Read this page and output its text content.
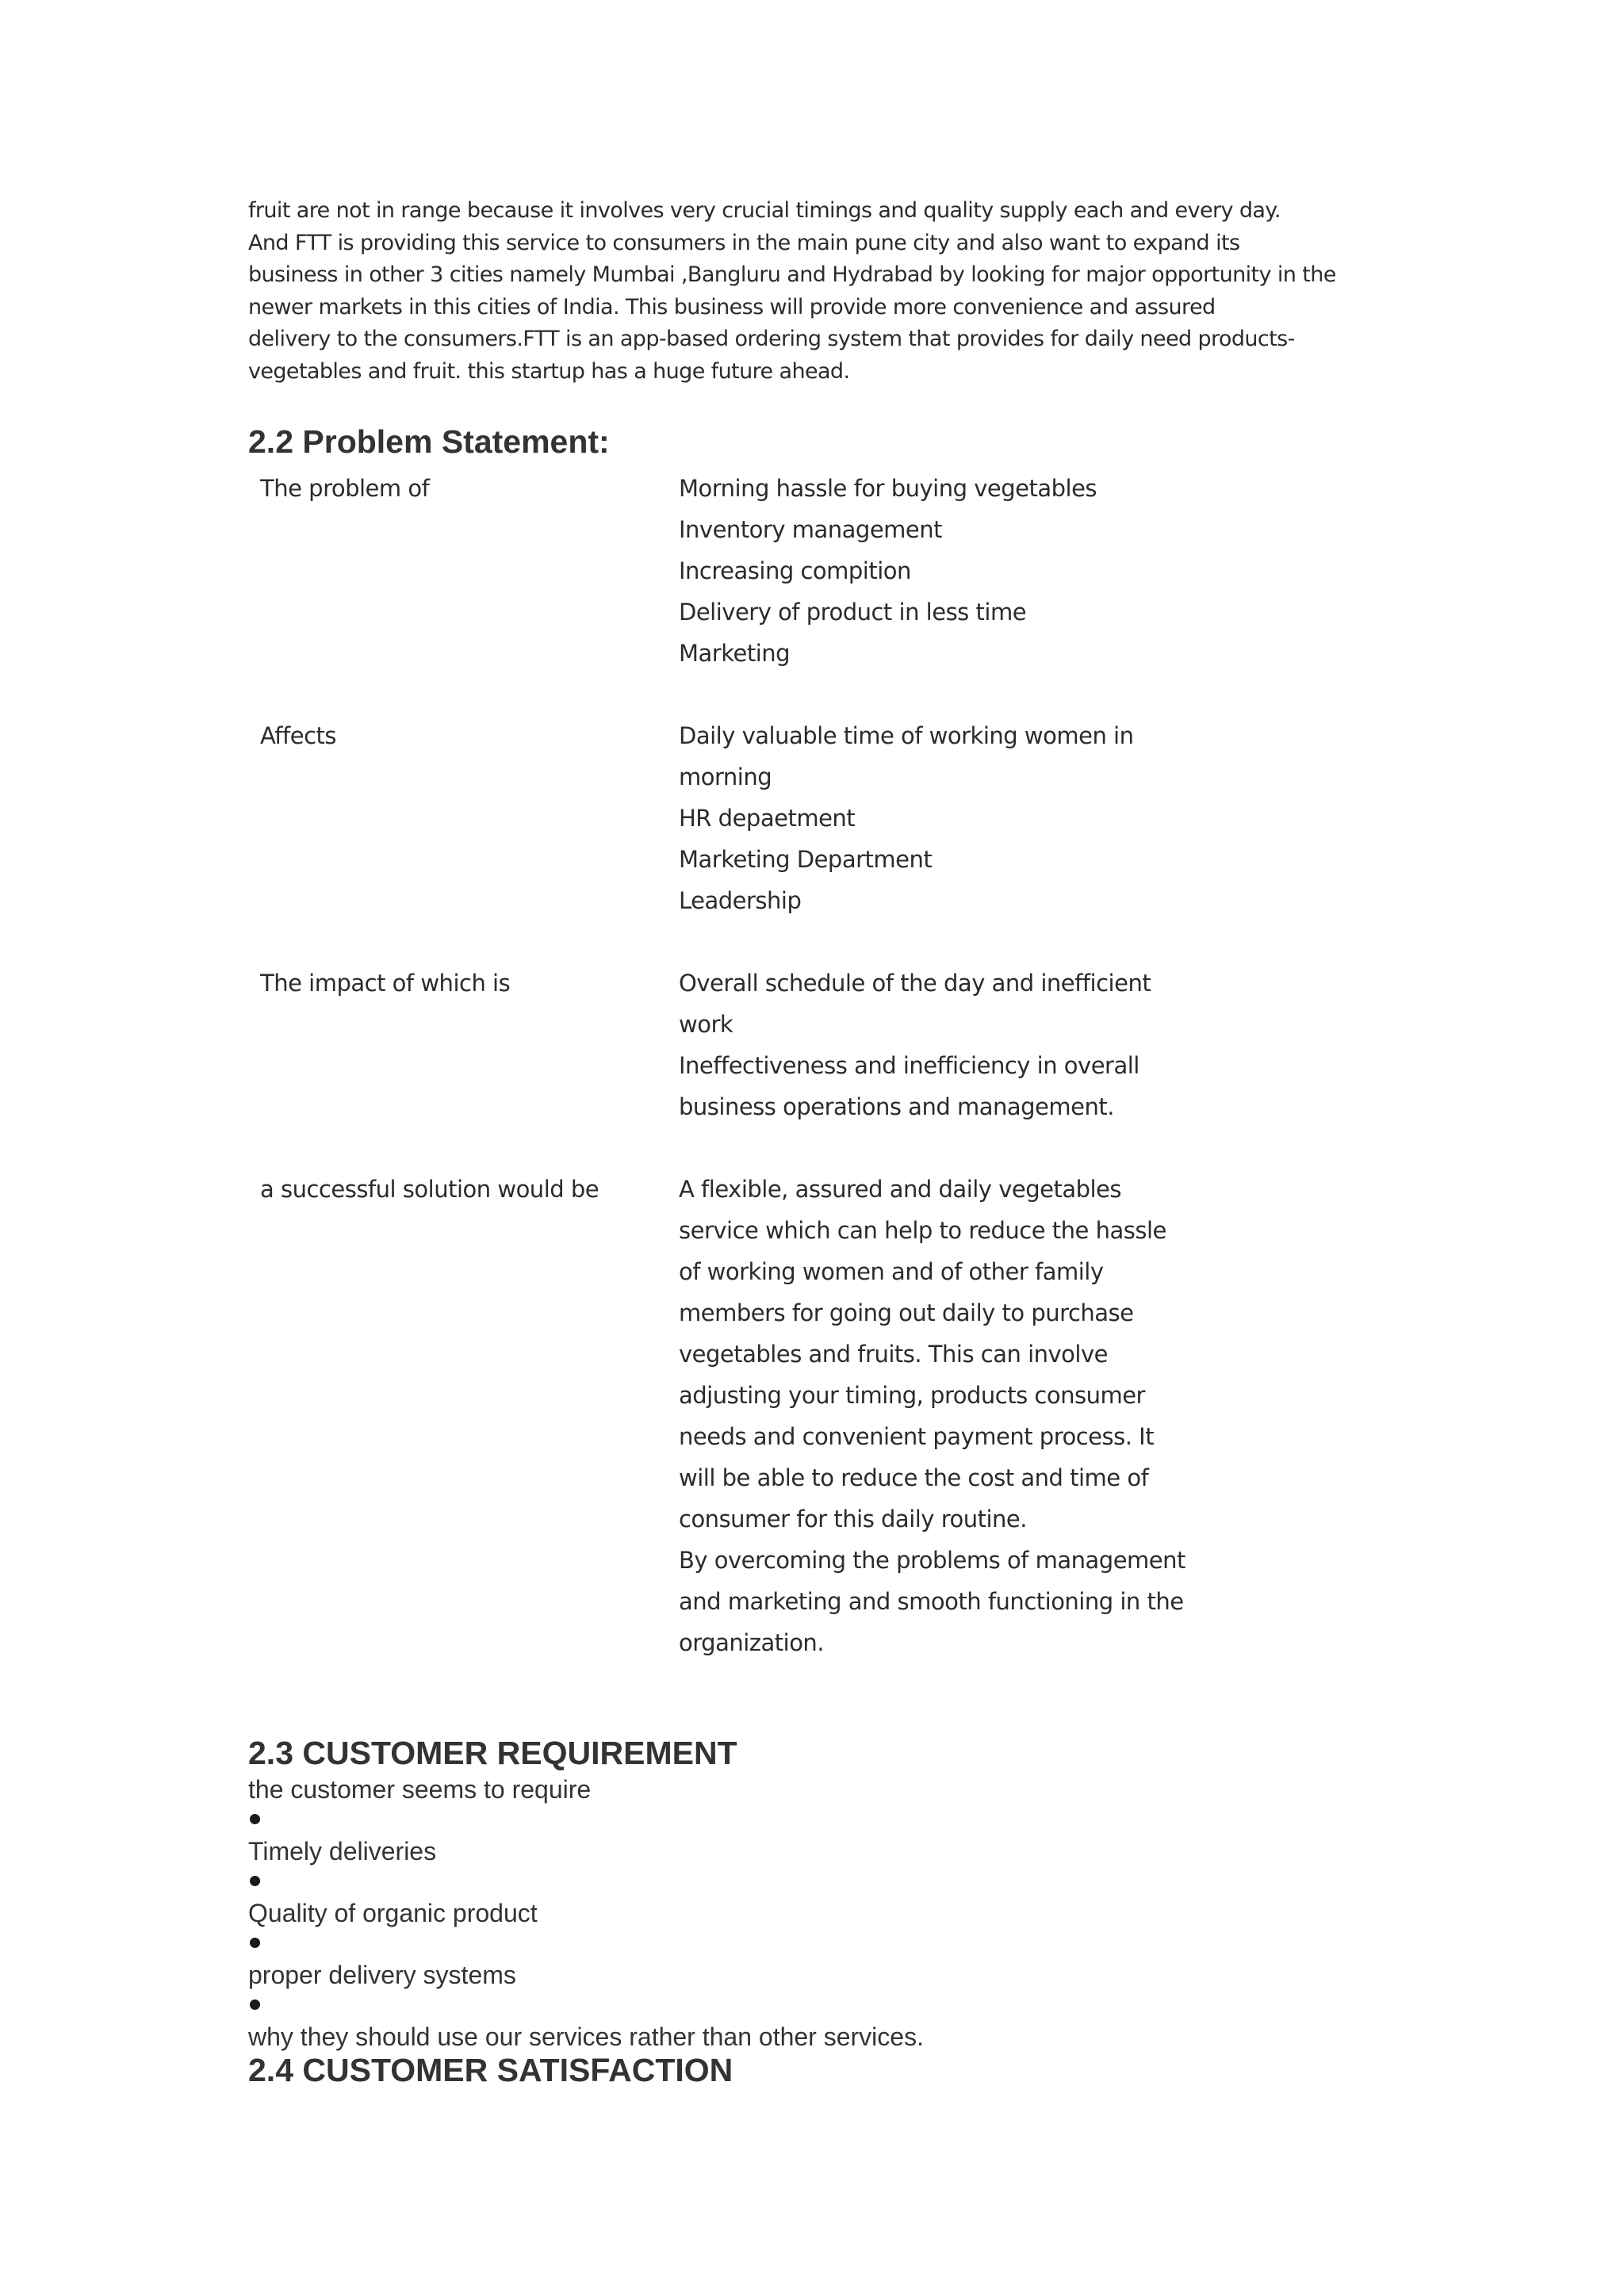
fruit are not in range because it involves very crucial timings and quality supply each and every day.
And FTT is providing this service to consumers in the main pune city and also want to expand its
business in other 3 cities namely Mumbai ,Bangluru and Hydrabad by looking for major opportunity in the
newer markets in this cities of India. This business will provide more convenience and assured
delivery to the consumers.FTT is an app-based ordering system that provides for daily need products-
vegetables and fruit. this startup has a huge future ahead.
2.2 Problem Statement:
The problem of	Morning hassle for buying vegetables
Inventory management
Increasing compition
Delivery of product in less time
Marketing
Affects	Daily valuable time of working women in
morning
HR depaetment
Marketing Department
Leadership
The impact of which is	Overall schedule of the day and inefficient
work
Ineffectiveness and inefficiency in overall
business operations and management.
a successful solution would be	A flexible, assured and daily vegetables
service which can help to reduce the hassle
of working women and of other family
members for going out daily to purchase
vegetables and fruits. This can involve
adjusting your timing, products consumer
needs and convenient payment process. It
will be able to reduce the cost and time of
consumer for this daily routine.
By overcoming the problems of management
and marketing and smooth functioning in the
organization.
2.3 CUSTOMER REQUIREMENT
the customer seems to require
Timely deliveries
Quality of organic product
proper delivery systems
why they should use our services rather than other services.
2.4 CUSTOMER SATISFACTION
